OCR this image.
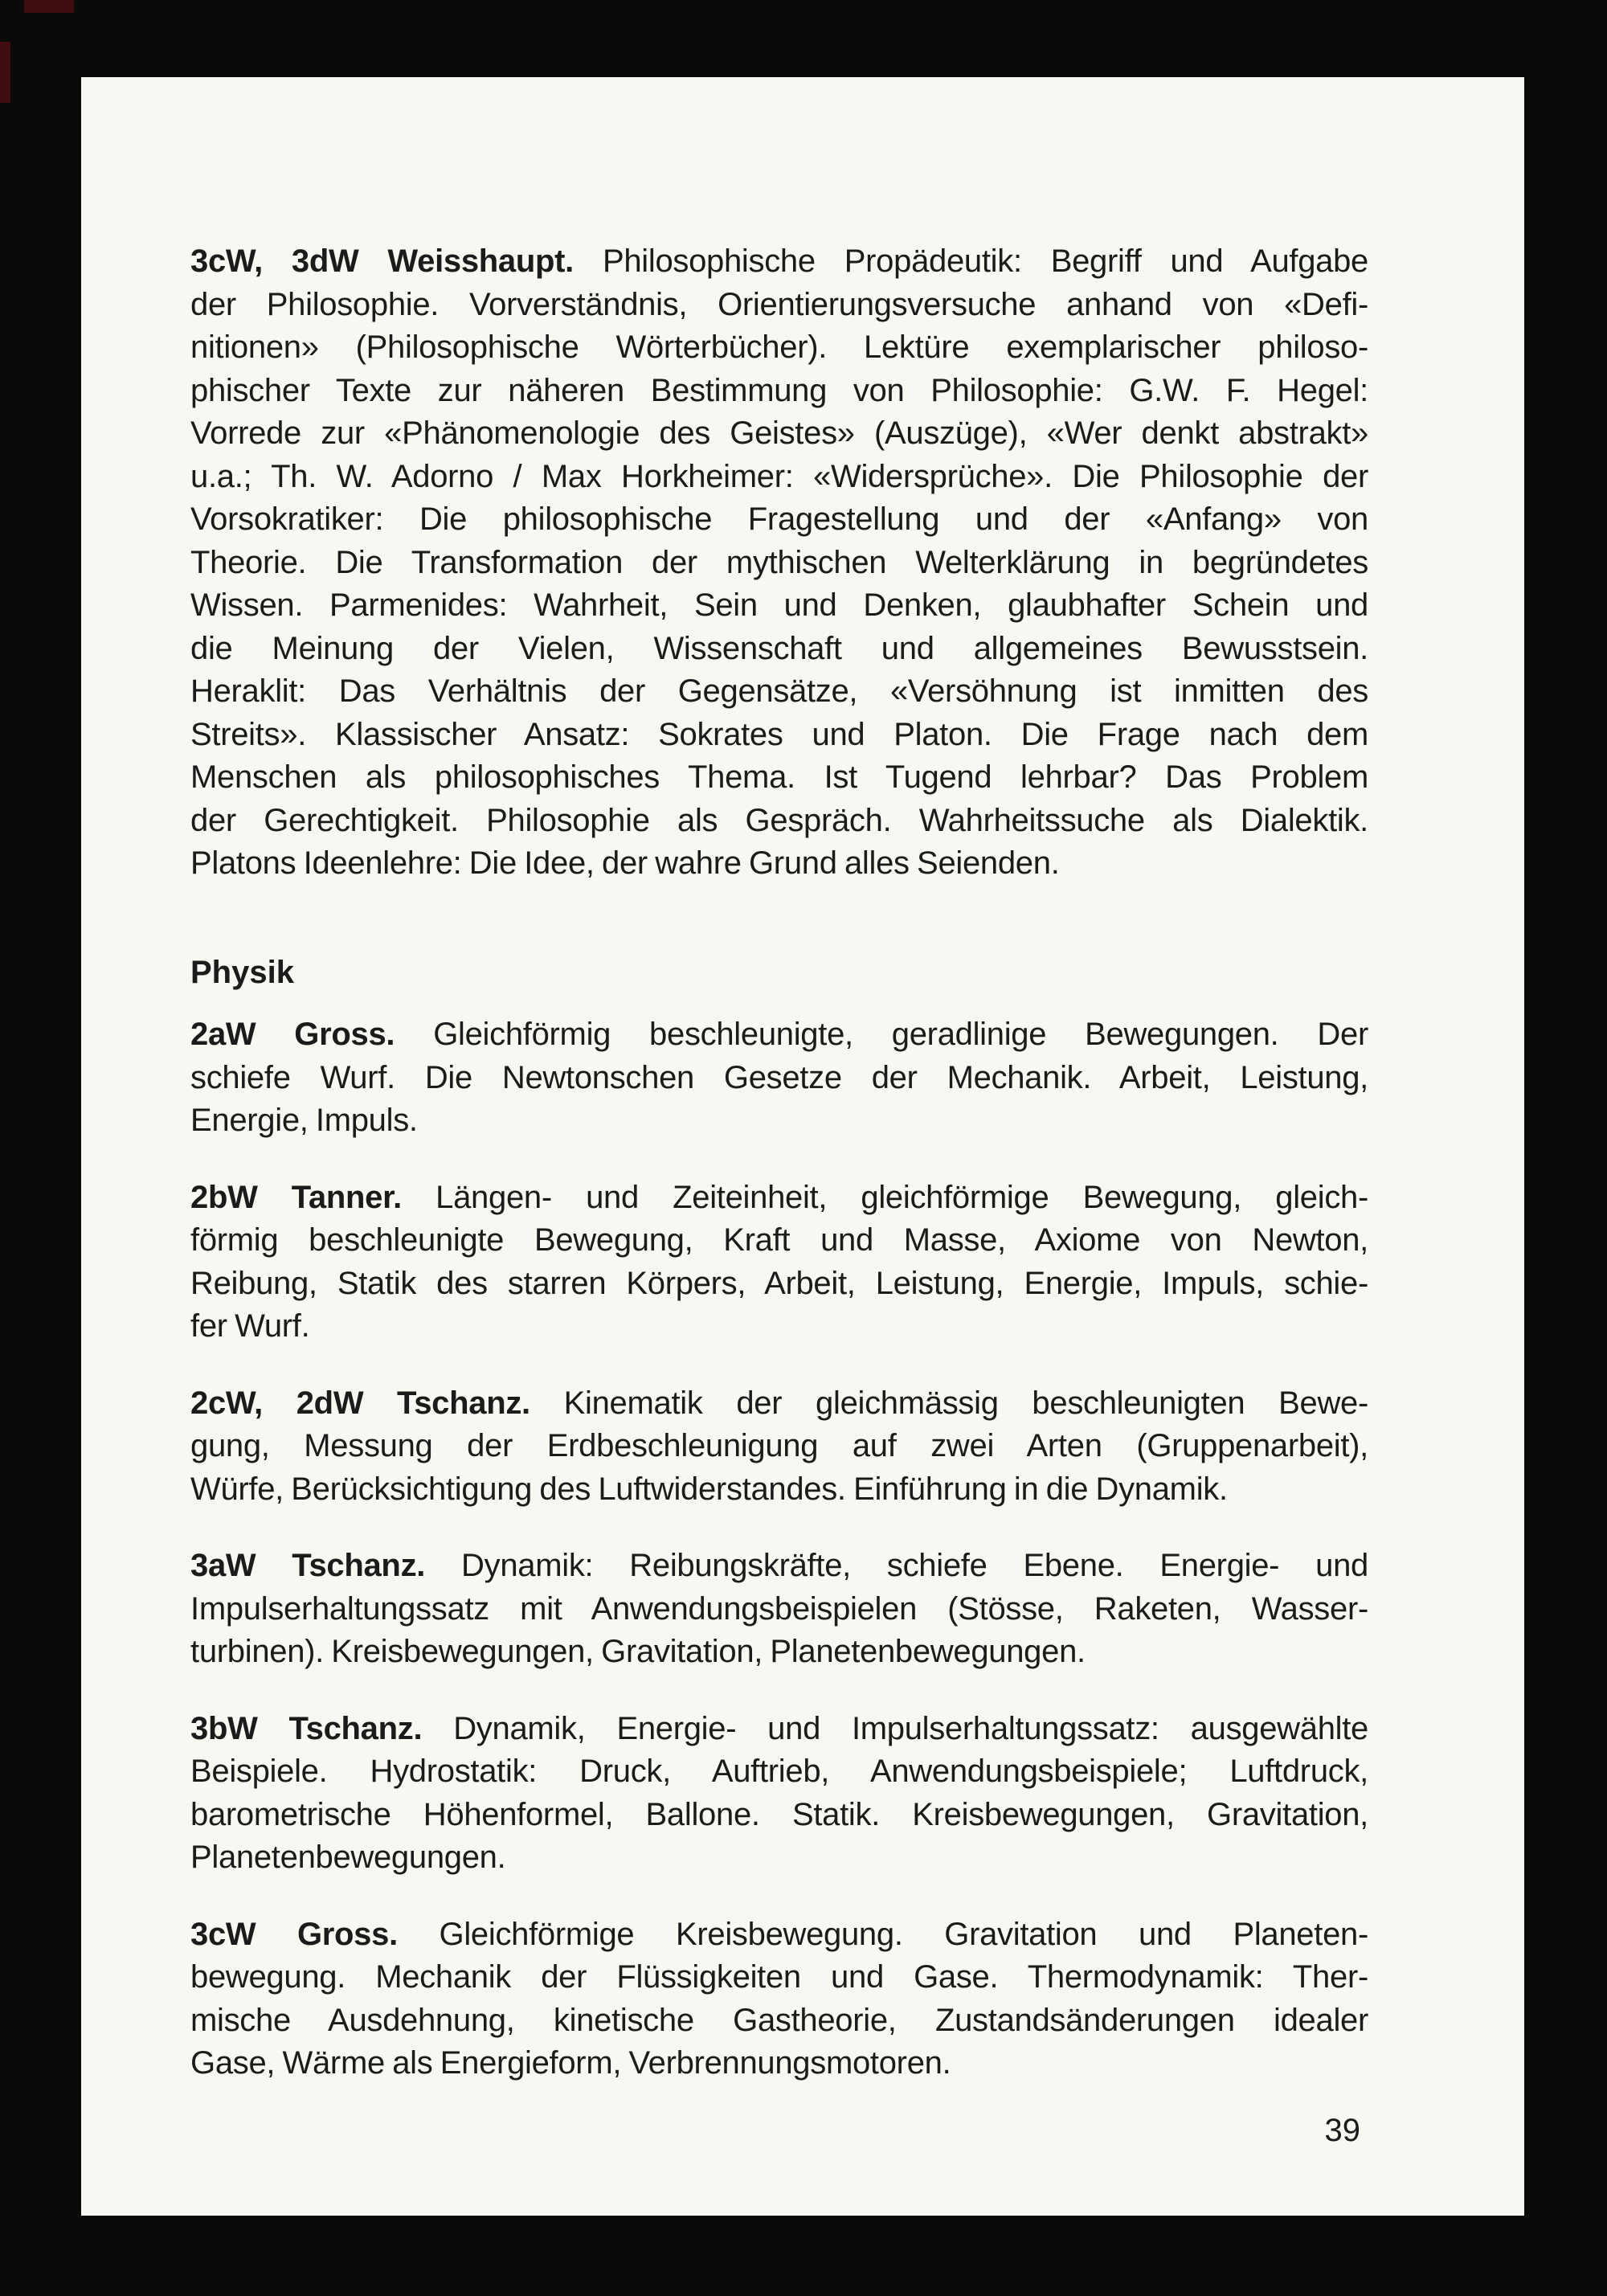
3cW, 3dW Weisshaupt. Philosophische Propädeutik: Begriff und Aufgabe
der Philosophie. Vorverständnis, Orientierungsversuche anhand von «Defi-
nitionen» (Philosophische Wörterbücher). Lektüre exemplarischer philoso-
phischer Texte zur näheren Bestimmung von Philosophie: G.W. F. Hegel:
Vorrede zur «Phänomenologie des Geistes» (Auszüge), «Wer denkt abstrakt»
u.a.; Th. W. Adorno / Max Horkheimer: «Widersprüche». Die Philosophie der
Vorsokratiker: Die philosophische Fragestellung und der «Anfang» von
Theorie. Die Transformation der mythischen Welterklärung in begründetes
Wissen. Parmenides: Wahrheit, Sein und Denken, glaubhafter Schein und
die Meinung der Vielen, Wissenschaft und allgemeines Bewusstsein.
Heraklit: Das Verhältnis der Gegensätze, «Versöhnung ist inmitten des
Streits». Klassischer Ansatz: Sokrates und Platon. Die Frage nach dem
Menschen als philosophisches Thema. Ist Tugend lehrbar? Das Problem
der Gerechtigkeit. Philosophie als Gespräch. Wahrheitssuche als Dialektik.
Platons Ideenlehre: Die Idee, der wahre Grund alles Seienden.
Physik
2aW Gross. Gleichförmig beschleunigte, geradlinige Bewegungen. Der
schiefe Wurf. Die Newtonschen Gesetze der Mechanik. Arbeit, Leistung,
Energie, Impuls.
2bW Tanner. Längen- und Zeiteinheit, gleichförmige Bewegung, gleich-
förmig beschleunigte Bewegung, Kraft und Masse, Axiome von Newton,
Reibung, Statik des starren Körpers, Arbeit, Leistung, Energie, Impuls, schie-
fer Wurf.
2cW, 2dW Tschanz. Kinematik der gleichmässig beschleunigten Bewe-
gung, Messung der Erdbeschleunigung auf zwei Arten (Gruppenarbeit),
Würfe, Berücksichtigung des Luftwiderstandes. Einführung in die Dynamik.
3aW Tschanz. Dynamik: Reibungskräfte, schiefe Ebene. Energie- und
Impulserhaltungssatz mit Anwendungsbeispielen (Stösse, Raketen, Wasser-
turbinen). Kreisbewegungen, Gravitation, Planetenbewegungen.
3bW Tschanz. Dynamik, Energie- und Impulserhaltungssatz: ausgewählte
Beispiele. Hydrostatik: Druck, Auftrieb, Anwendungsbeispiele; Luftdruck,
barometrische Höhenformel, Ballone. Statik. Kreisbewegungen, Gravitation,
Planetenbewegungen.
3cW Gross. Gleichförmige Kreisbewegung. Gravitation und Planeten-
bewegung. Mechanik der Flüssigkeiten und Gase. Thermodynamik: Ther-
mische Ausdehnung, kinetische Gastheorie, Zustandsänderungen idealer
Gase, Wärme als Energieform, Verbrennungsmotoren.
39
